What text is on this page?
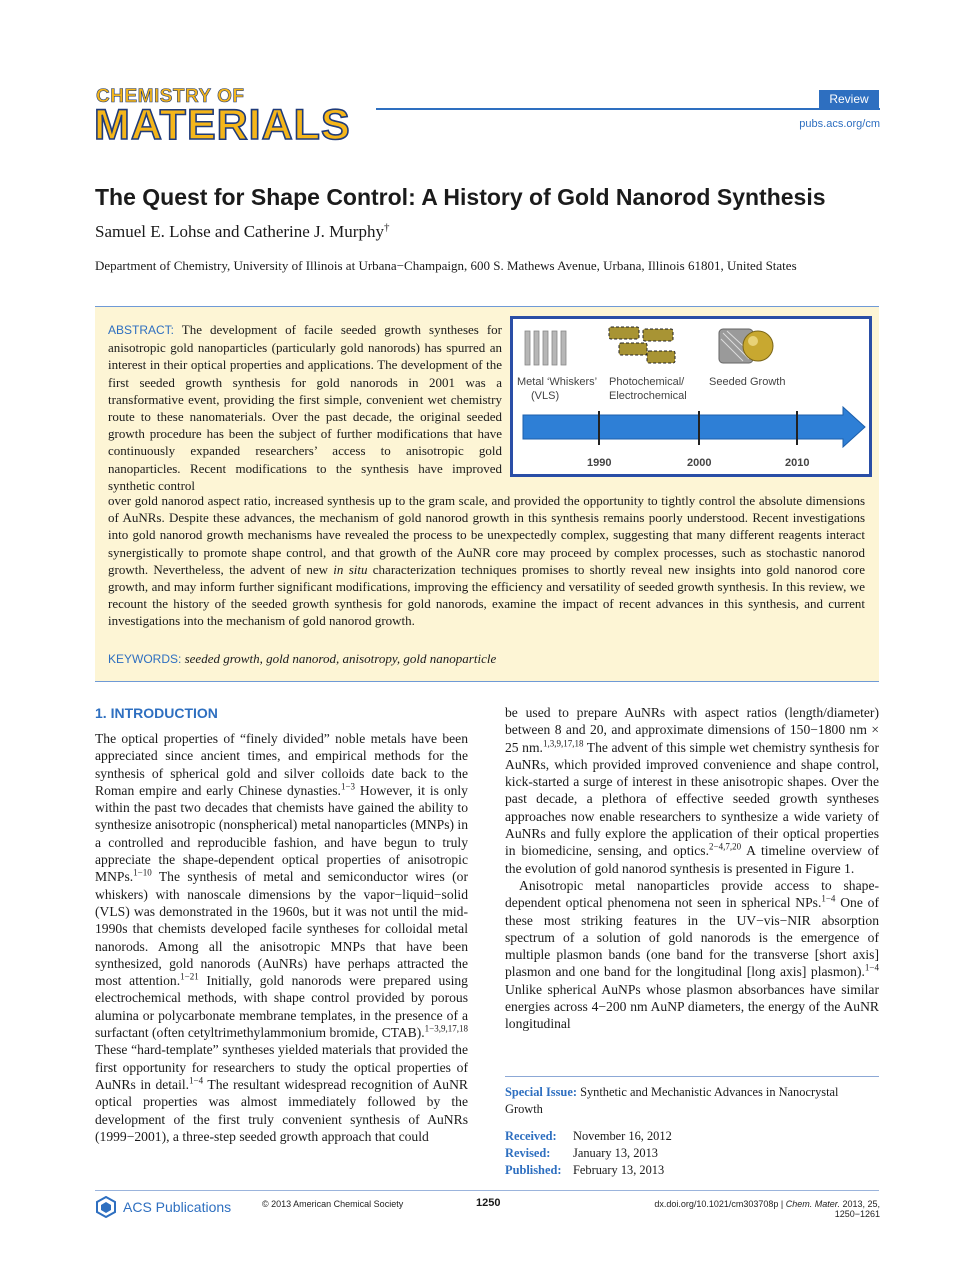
CHEMISTRY OF
MATERIALS
Review
pubs.acs.org/cm
The Quest for Shape Control: A History of Gold Nanorod Synthesis
Samuel E. Lohse and Catherine J. Murphy†
Department of Chemistry, University of Illinois at Urbana−Champaign, 600 S. Mathews Avenue, Urbana, Illinois 61801, United States
ABSTRACT: The development of facile seeded growth syntheses for anisotropic gold nanoparticles (particularly gold nanorods) has spurred an interest in their optical properties and applications. The development of the first seeded growth synthesis for gold nanorods in 2001 was a transformative event, providing the first simple, convenient wet chemistry route to these nanomaterials. Over the past decade, the original seeded growth procedure has been the subject of further modifications that have continuously expanded researchers’ access to anisotropic gold nanoparticles. Recent modifications to the synthesis have improved synthetic control
over gold nanorod aspect ratio, increased synthesis up to the gram scale, and provided the opportunity to tightly control the absolute dimensions of AuNRs. Despite these advances, the mechanism of gold nanorod growth in this synthesis remains poorly understood. Recent investigations into gold nanorod growth mechanisms have revealed the process to be unexpectedly complex, suggesting that many different reagents interact synergistically to promote shape control, and that growth of the AuNR core may proceed by complex processes, such as stochastic nanorod growth. Nevertheless, the advent of new in situ characterization techniques promises to shortly reveal new insights into gold nanorod core growth, and may inform further significant modifications, improving the efficiency and versatility of seeded growth synthesis. In this review, we recount the history of the seeded growth synthesis for gold nanorods, examine the impact of recent advances in this synthesis, and current investigations into the mechanism of gold nanorod growth.
KEYWORDS: seeded growth, gold nanorod, anisotropy, gold nanoparticle
Metal ‘Whiskers’
(VLS)
Photochemical/
Electrochemical
Seeded Growth
1990	2000	2010
1. INTRODUCTION

The optical properties of “finely divided” noble metals have been appreciated since ancient times, and empirical methods for the synthesis of spherical gold and silver colloids date back to the Roman empire and early Chinese dynasties.$^{1-3}$ However, it is only within the past two decades that chemists have gained the ability to synthesize anisotropic (nonspherical) metal nanoparticles (MNPs) in a controlled and reproducible fashion, and have begun to truly appreciate the shape-dependent optical properties of anisotropic MNPs.$^{1-10}$ The synthesis of metal and semiconductor wires (or whiskers) with nanoscale dimensions by the vapor−liquid−solid (VLS) was demonstrated in the 1960s, but it was not until the mid-1990s that chemists developed facile syntheses for colloidal metal nanorods. Among all the anisotropic MNPs that have been synthesized, gold nanorods (AuNRs) have perhaps attracted the most attention.$^{1-21}$ Initially, gold nanorods were prepared using electrochemical methods, with shape control provided by porous alumina or polycarbonate membrane templates, in the presence of a surfactant (often cetyltrimethylammonium bromide, CTAB).$^{1-3,9,17,18}$ These “hard-template” syntheses yielded materials that provided the first opportunity for researchers to study the optical properties of AuNRs in detail.$^{1-4}$ The resultant widespread recognition of AuNR optical properties was almost immediately followed by the development of the first truly convenient synthesis of AuNRs (1999−2001), a three-step seeded growth approach that could

be used to prepare AuNRs with aspect ratios (length/diameter) between 8 and 20, and approximate dimensions of 150−1800 nm × 25 nm.$^{1,3,9,17,18}$ The advent of this simple wet chemistry synthesis for AuNRs, which provided improved convenience and shape control, kick-started a surge of interest in these anisotropic shapes. Over the past decade, a plethora of effective seeded growth syntheses approaches now enable researchers to synthesize a wide variety of AuNRs and fully explore the application of their optical properties in biomedicine, sensing, and optics.$^{2-4,7,20}$ A timeline overview of the evolution of gold nanorod synthesis is presented in Figure 1.

Anisotropic metal nanoparticles provide access to shape-dependent optical phenomena not seen in spherical NPs.$^{1-4}$ One of these most striking features in the UV−vis−NIR absorption spectrum of a solution of gold nanorods is the emergence of multiple plasmon bands (one band for the transverse [short axis] plasmon and one band for the longitudinal [long axis] plasmon).$^{1-4}$ Unlike spherical AuNPs whose plasmon absorbances have similar energies across 4−200 nm AuNP diameters, the energy of the AuNR longitudinal

Special Issue: Synthetic and Mechanistic Advances in Nanocrystal Growth
Received: November 16, 2012
Revised: January 13, 2013
Published: February 13, 2013
ACS Publications	© 2013 American Chemical Society	1250	dx.doi.org/10.1021/cm303708p | Chem. Mater. 2013, 25, 1250−1261
